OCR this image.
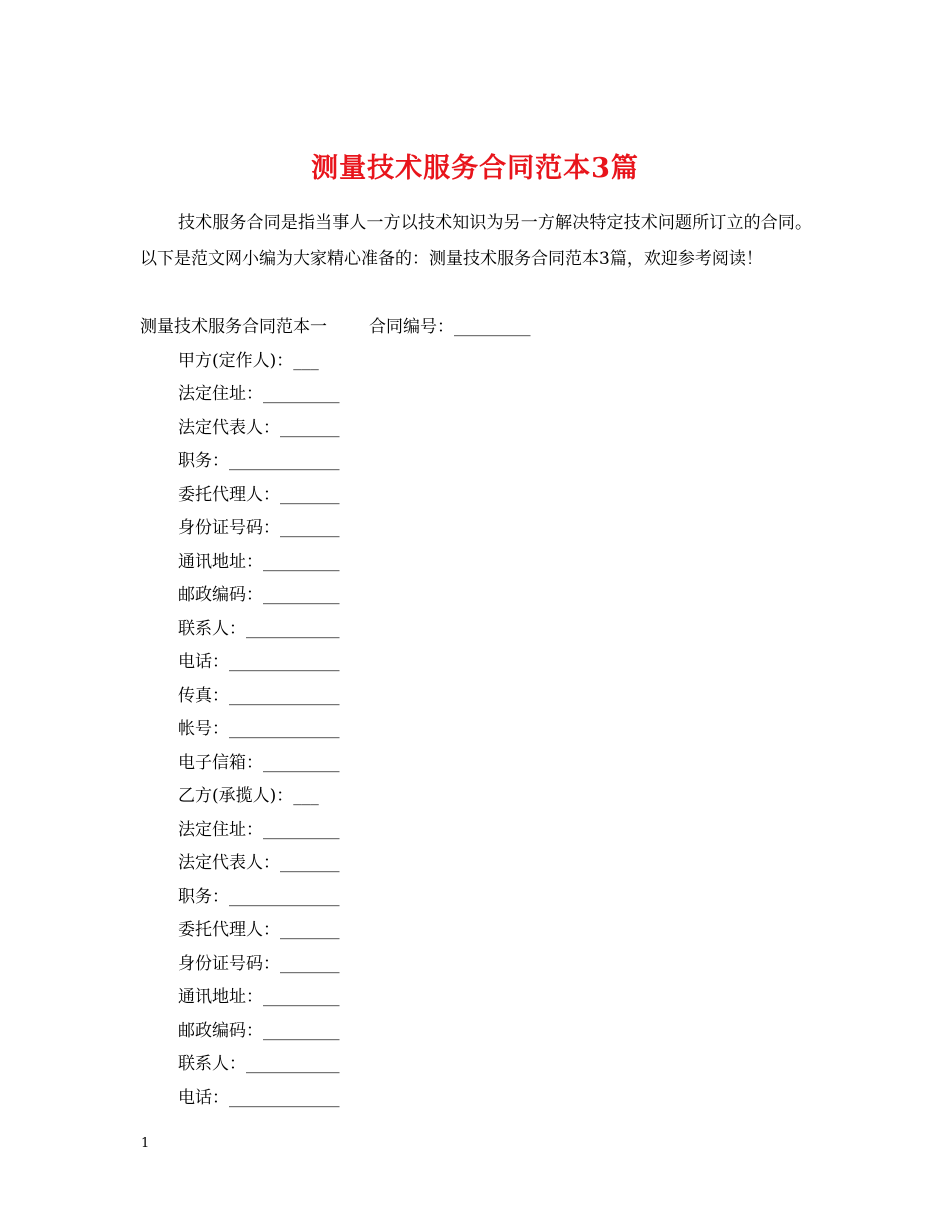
测量技术服务合同范本3篇

技术服务合同是指当事人一方以技术知识为另一方解决特定技术问题所订立的合同。以下是范文网小编为大家精心准备的：测量技术服务合同范本3篇，欢迎参考阅读！

测量技术服务合同范本一 合同编号：_________
甲方(定作人)：___
法定住址：_________
法定代表人：_______
职务：_____________
委托代理人：_______
身份证号码：_______
通讯地址：_________
邮政编码：_________
联系人：___________
电话：_____________
传真：_____________
帐号：_____________
电子信箱：_________
乙方(承揽人)：___
法定住址：_________
法定代表人：_______
职务：_____________
委托代理人：_______
身份证号码：_______
通讯地址：_________
邮政编码：_________
联系人：___________
电话：_____________
1
